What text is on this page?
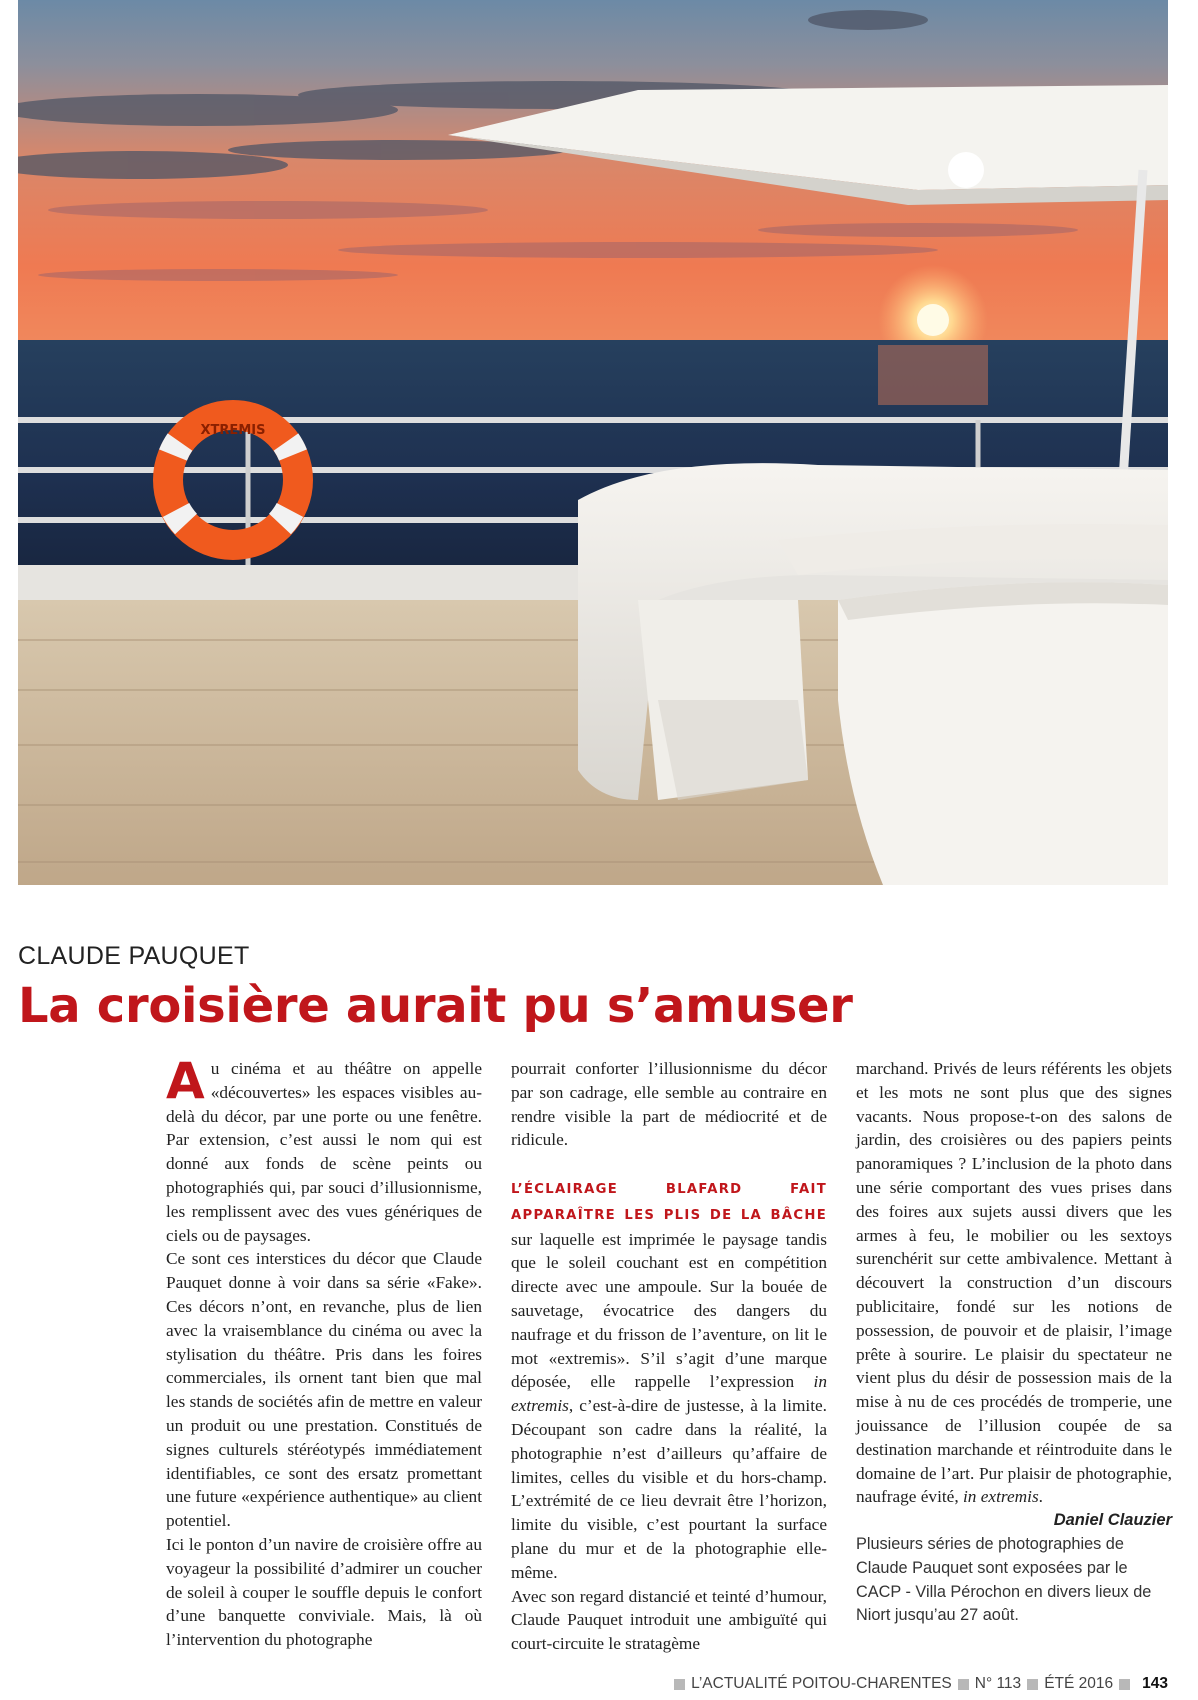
XTREMIS
CLAUDE PAUQUET
La croisière aurait pu s’amuser

Au cinéma et au théâtre on appelle «découvertes» les espaces visibles au-delà du décor, par une porte ou une fenêtre. Par extension, c’est aussi le nom qui est donné aux fonds de scène peints ou photographiés qui, par souci d’illusionnisme, les remplissent avec des vues génériques de ciels ou de paysages.

Ce sont ces interstices du décor que Claude Pauquet donne à voir dans sa série «Fake». Ces décors n’ont, en revanche, plus de lien avec la vraisemblance du cinéma ou avec la stylisation du théâtre. Pris dans les foires commerciales, ils ornent tant bien que mal les stands de sociétés afin de mettre en valeur un produit ou une prestation. Constitués de signes culturels stéréotypés immédiatement identifiables, ce sont des ersatz promettant une future «expérience authentique» au client potentiel.

Ici le ponton d’un navire de croisière offre au voyageur la possibilité d’admirer un coucher de soleil à couper le souffle depuis le confort d’une banquette conviviale. Mais, là où l’intervention du photographe

pourrait conforter l’illusionnisme du décor par son cadrage, elle semble au contraire en rendre visible la part de médiocrité et de ridicule.

L’ÉCLAIRAGE BLAFARD FAIT APPARAÎTRE LES PLIS DE LA BÂCHE sur laquelle est imprimée le paysage tandis que le soleil couchant est en compétition directe avec une ampoule. Sur la bouée de sauvetage, évocatrice des dangers du naufrage et du frisson de l’aventure, on lit le mot «extremis». S’il s’agit d’une marque déposée, elle rappelle l’expression in extremis, c’est-à-dire de justesse, à la limite. Découpant son cadre dans la réalité, la photographie n’est d’ailleurs qu’affaire de limites, celles du visible et du hors-champ. L’extrémité de ce lieu devrait être l’horizon, limite du visible, c’est pourtant la surface plane du mur et de la photographie elle-même.

Avec son regard distancié et teinté d’humour, Claude Pauquet introduit une ambiguïté qui court-circuite le stratagème

marchand. Privés de leurs référents les objets et les mots ne sont plus que des signes vacants. Nous propose-t-on des salons de jardin, des croisières ou des papiers peints panoramiques ? L’inclusion de la photo dans une série comportant des vues prises dans des foires aux sujets aussi divers que les armes à feu, le mobilier ou les sextoys surenchérit sur cette ambivalence. Mettant à découvert la construction d’un discours publicitaire, fondé sur les notions de possession, de pouvoir et de plaisir, l’image prête à sourire. Le plaisir du spectateur ne vient plus du désir de possession mais de la mise à nu de ces procédés de tromperie, une jouissance de l’illusion coupée de sa destination marchande et réintroduite dans le domaine de l’art. Pur plaisir de photographie, naufrage évité, in extremis.

Daniel Clauzier

Plusieurs séries de photographies de Claude Pauquet sont exposées par le CACP - Villa Pérochon en divers lieux de Niort jusqu’au 27 août.

L’ACTUALITÉ POITOU-CHARENTES N° 113 ÉTÉ 2016 143
